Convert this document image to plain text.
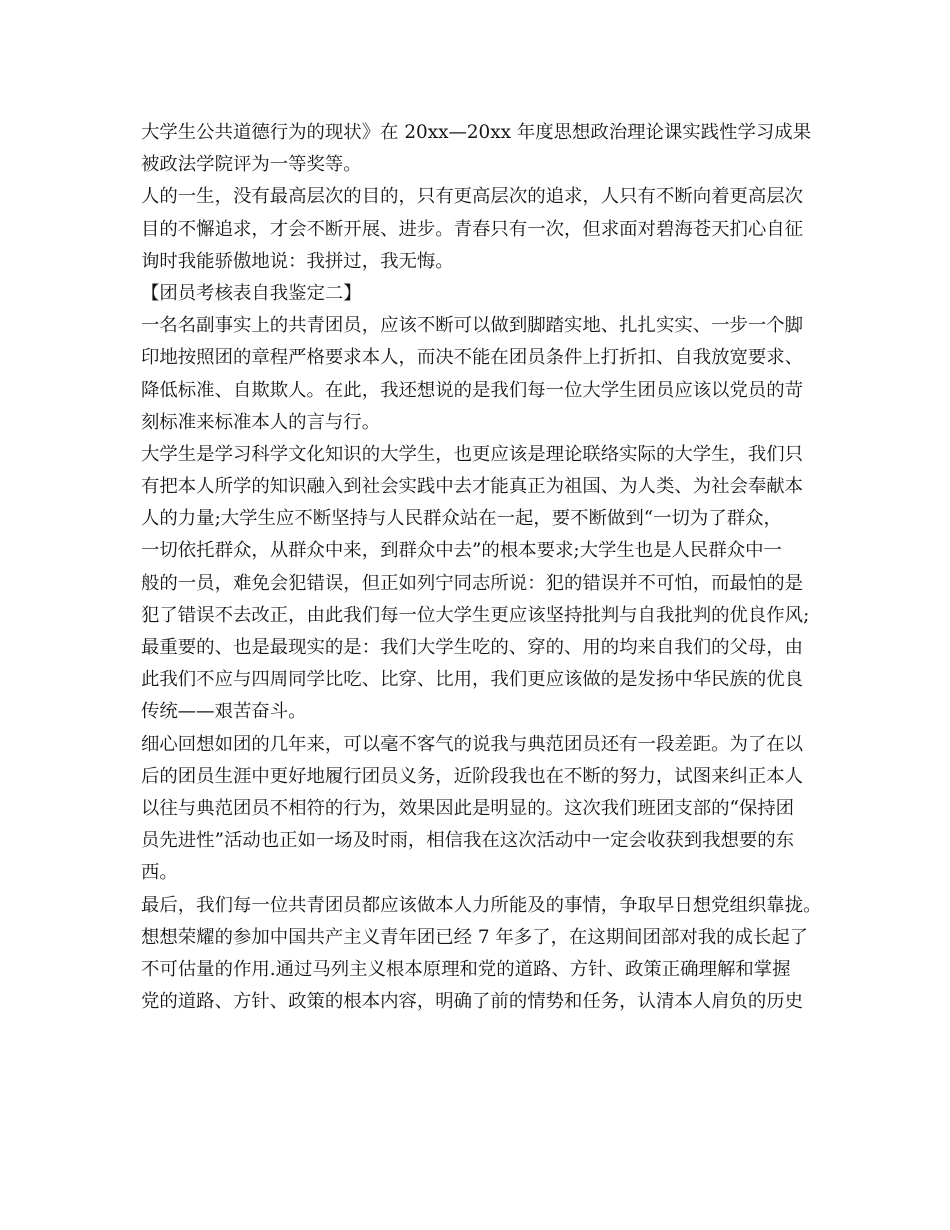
大学生公共道德行为的现状》在 20xx—20xx 年度思想政治理论课实践性学习成果
被政法学院评为一等奖等。
人的一生，没有最高层次的目的，只有更高层次的追求，人只有不断向着更高层次
目的不懈追求，才会不断开展、进步。青春只有一次，但求面对碧海苍天扪心自征
询时我能骄傲地说：我拼过，我无悔。
【团员考核表自我鉴定二】
一名名副事实上的共青团员，应该不断可以做到脚踏实地、扎扎实实、一步一个脚
印地按照团的章程严格要求本人，而决不能在团员条件上打折扣、自我放宽要求、
降低标准、自欺欺人。在此，我还想说的是我们每一位大学生团员应该以党员的苛
刻标准来标准本人的言与行。
大学生是学习科学文化知识的大学生，也更应该是理论联络实际的大学生，我们只
有把本人所学的知识融入到社会实践中去才能真正为祖国、为人类、为社会奉献本
人的力量;大学生应不断坚持与人民群众站在一起，要不断做到“一切为了群众，
一切依托群众，从群众中来，到群众中去”的根本要求;大学生也是人民群众中一
般的一员，难免会犯错误，但正如列宁同志所说：犯的错误并不可怕，而最怕的是
犯了错误不去改正，由此我们每一位大学生更应该坚持批判与自我批判的优良作风;
最重要的、也是最现实的是：我们大学生吃的、穿的、用的均来自我们的父母，由
此我们不应与四周同学比吃、比穿、比用，我们更应该做的是发扬中华民族的优良
传统——艰苦奋斗。
细心回想如团的几年来，可以毫不客气的说我与典范团员还有一段差距。为了在以
后的团员生涯中更好地履行团员义务，近阶段我也在不断的努力，试图来纠正本人
以往与典范团员不相符的行为，效果因此是明显的。这次我们班团支部的“保持团
员先进性”活动也正如一场及时雨，相信我在这次活动中一定会收获到我想要的东
西。
最后，我们每一位共青团员都应该做本人力所能及的事情，争取早日想党组织靠拢。
想想荣耀的参加中国共产主义青年团已经 7 年多了，在这期间团部对我的成长起了
不可估量的作用.通过马列主义根本原理和党的道路、方针、政策正确理解和掌握
党的道路、方针、政策的根本内容，明确了前的情势和任务，认清本人肩负的历史
